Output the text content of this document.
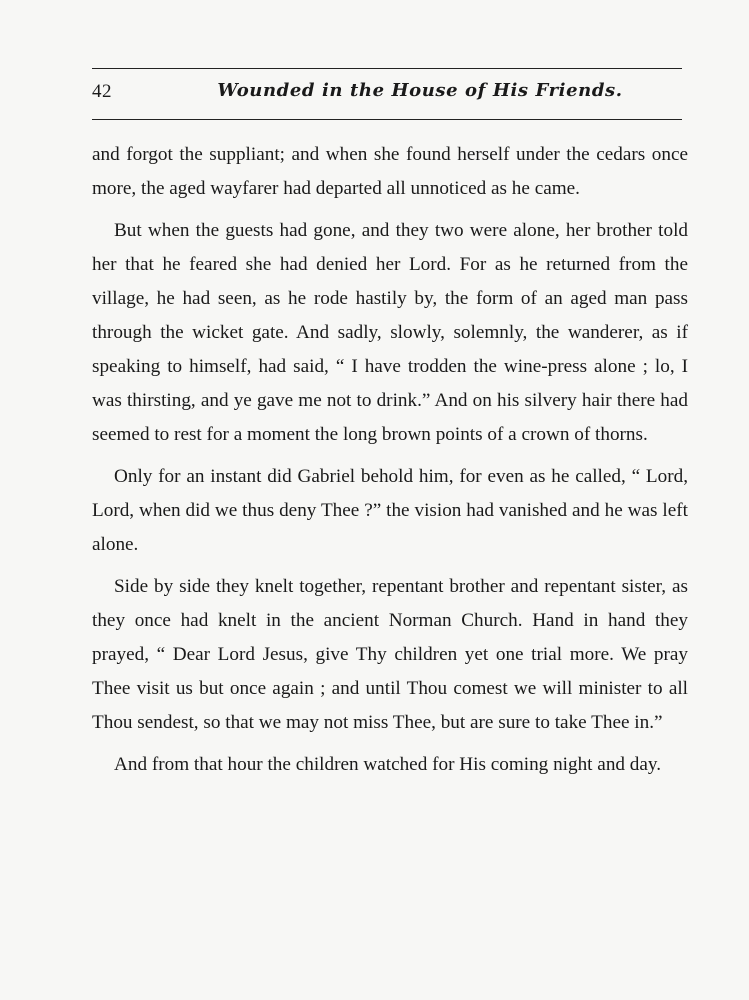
42	Wounded in the House of His Friends.

and forgot the suppliant; and when she found herself under the cedars once more, the aged wayfarer had departed all unnoticed as he came.

But when the guests had gone, and they two were alone, her brother told her that he feared she had denied her Lord. For as he returned from the village, he had seen, as he rode hastily by, the form of an aged man pass through the wicket gate. And sadly, slowly, solemnly, the wanderer, as if speaking to himself, had said, “ I have trodden the wine-press alone ; lo, I was thirsting, and ye gave me not to drink.” And on his silvery hair there had seemed to rest for a moment the long brown points of a crown of thorns.

Only for an instant did Gabriel behold him, for even as he called, “ Lord, Lord, when did we thus deny Thee ?” the vision had vanished and he was left alone.

Side by side they knelt together, repentant brother and repentant sister, as they once had knelt in the ancient Norman Church. Hand in hand they prayed, “ Dear Lord Jesus, give Thy children yet one trial more. We pray Thee visit us but once again ; and until Thou comest we will minister to all Thou sendest, so that we may not miss Thee, but are sure to take Thee in.”

And from that hour the children watched for His coming night and day.
